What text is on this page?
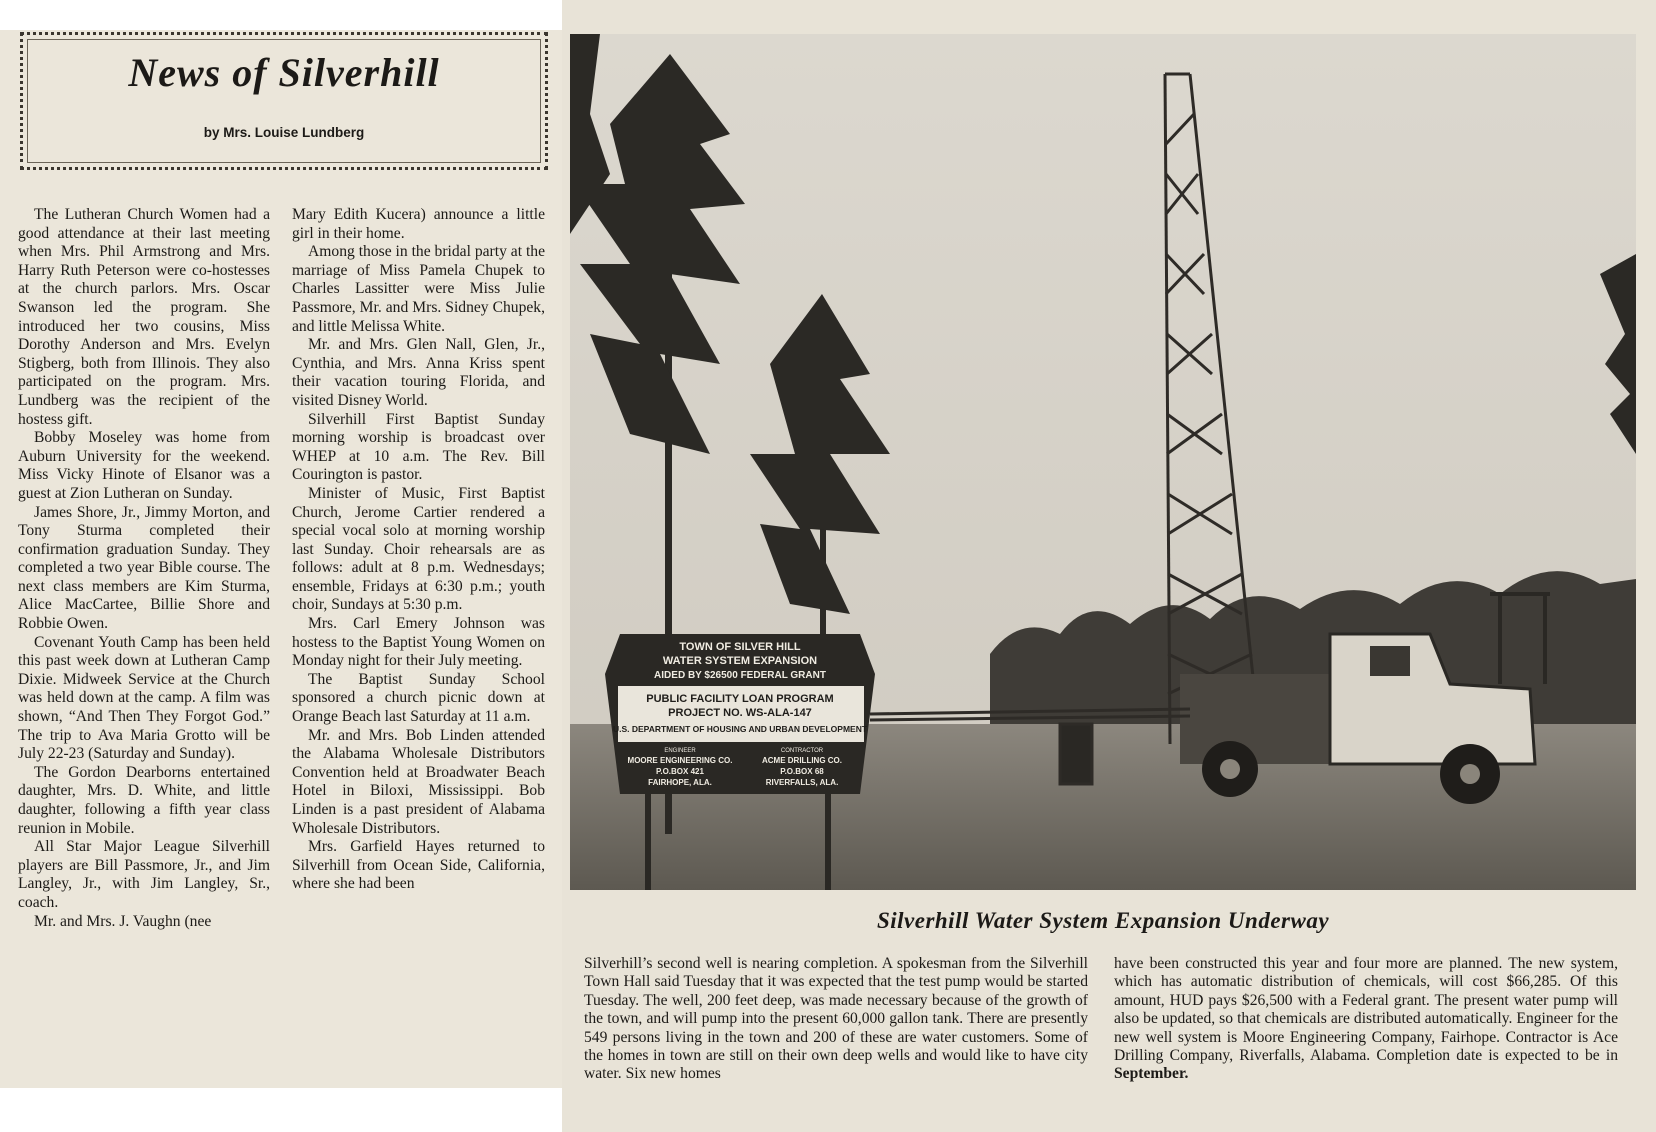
News of Silverhill
by Mrs. Louise Lundberg

The Lutheran Church Women had a good attendance at their last meeting when Mrs. Phil Armstrong and Mrs. Harry Ruth Peterson were co-hostesses at the church parlors. Mrs. Oscar Swanson led the program. She introduced her two cousins, Miss Dorothy Anderson and Mrs. Evelyn Stigberg, both from Illinois. They also participated on the program. Mrs. Lundberg was the recipient of the hostess gift.

Bobby Moseley was home from Auburn University for the weekend. Miss Vicky Hinote of Elsanor was a guest at Zion Lutheran on Sunday.

James Shore, Jr., Jimmy Morton, and Tony Sturma completed their confirmation graduation Sunday. They completed a two year Bible course. The next class members are Kim Sturma, Alice MacCartee, Billie Shore and Robbie Owen.

Covenant Youth Camp has been held this past week down at Lutheran Camp Dixie. Midweek Service at the Church was held down at the camp. A film was shown, “And Then They Forgot God.” The trip to Ava Maria Grotto will be July 22-23 (Saturday and Sunday).

The Gordon Dearborns entertained daughter, Mrs. D. White, and little daughter, following a fifth year class reunion in Mobile.

All Star Major League Silverhill players are Bill Passmore, Jr., and Jim Langley, Jr., with Jim Langley, Sr., coach.

Mr. and Mrs. J. Vaughn (nee

Mary Edith Kucera) announce a little girl in their home.

Among those in the bridal party at the marriage of Miss Pamela Chupek to Charles Lassitter were Miss Julie Passmore, Mr. and Mrs. Sidney Chupek, and little Melissa White.

Mr. and Mrs. Glen Nall, Glen, Jr., Cynthia, and Mrs. Anna Kriss spent their vacation touring Florida, and visited Disney World.

Silverhill First Baptist Sunday morning worship is broadcast over WHEP at 10 a.m. The Rev. Bill Courington is pastor.

Minister of Music, First Baptist Church, Jerome Cartier rendered a special vocal solo at morning worship last Sunday. Choir rehearsals are as follows: adult at 8 p.m. Wednesdays; ensemble, Fridays at 6:30 p.m.; youth choir, Sundays at 5:30 p.m.

Mrs. Carl Emery Johnson was hostess to the Baptist Young Women on Monday night for their July meeting.

The Baptist Sunday School sponsored a church picnic down at Orange Beach last Saturday at 11 a.m.

Mr. and Mrs. Bob Linden attended the Alabama Wholesale Distributors Convention held at Broadwater Beach Hotel in Biloxi, Mississippi. Bob Linden is a past president of Alabama Wholesale Distributors.

Mrs. Garfield Hayes returned to Silverhill from Ocean Side, California, where she had been

TOWN OF SILVER HILL
WATER SYSTEM EXPANSION
AIDED BY $26500 FEDERAL GRANT
PUBLIC FACILITY LOAN PROGRAM
PROJECT NO. WS-ALA-147
U.S. DEPARTMENT OF HOUSING AND URBAN DEVELOPMENT
ENGINEER
MOORE ENGINEERING CO.
P.O.BOX 421
FAIRHOPE, ALA.
CONTRACTOR
ACME DRILLING CO.
P.O.BOX 68
RIVERFALLS, ALA.
Silverhill Water System Expansion Underway

Silverhill’s second well is nearing completion. A spokesman from the Silverhill Town Hall said Tuesday that it was expected that the test pump would be started Tuesday. The well, 200 feet deep, was made necessary because of the growth of the town, and will pump into the present 60,000 gallon tank. There are presently 549 persons living in the town and 200 of these are water customers. Some of the homes in town are still on their own deep wells and would like to have city water. Six new homes

have been constructed this year and four more are planned. The new system, which has automatic distribution of chemicals, will cost $66,285. Of this amount, HUD pays $26,500 with a Federal grant. The present water pump will also be updated, so that chemicals are distributed automatically. Engineer for the new well system is Moore Engineering Company, Fairhope. Contractor is Ace Drilling Company, Riverfalls, Alabama. Completion date is expected to be in September.
